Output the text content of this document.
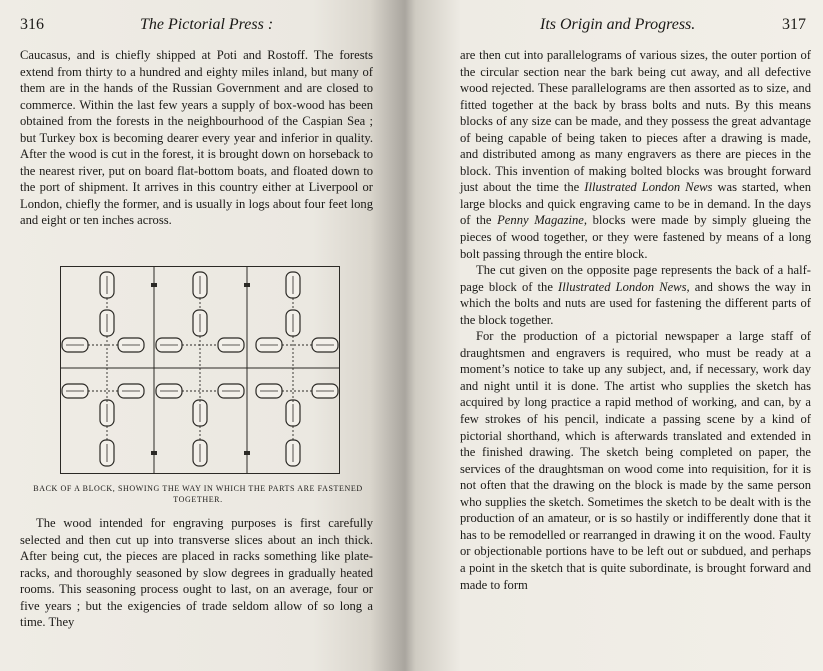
316	The Pictorial Press :

Caucasus, and is chiefly shipped at Poti and Rostoff. The forests extend from thirty to a hundred and eighty miles inland, but many of them are in the hands of the Russian Government and are closed to commerce. Within the last few years a supply of box-wood has been obtained from the forests in the neighbourhood of the Caspian Sea ; but Turkey box is becoming dearer every year and inferior in quality. After the wood is cut in the forest, it is brought down on horseback to the nearest river, put on board flat-bottom boats, and floated down to the port of shipment. It arrives in this country either at Liverpool or London, chiefly the former, and is usually in logs about four feet long and eight or ten inches across.

BACK OF A BLOCK, SHOWING THE WAY IN WHICH THE PARTS ARE FASTENED TOGETHER.

The wood intended for engraving purposes is first carefully selected and then cut up into transverse slices about an inch thick. After being cut, the pieces are placed in racks something like plate-racks, and thoroughly seasoned by slow degrees in gradually heated rooms. This seasoning process ought to last, on an average, four or five years ; but the exigencies of trade seldom allow of so long a time. They

Its Origin and Progress.	317

are then cut into parallelograms of various sizes, the outer portion of the circular section near the bark being cut away, and all defective wood rejected. These parallelograms are then assorted as to size, and fitted together at the back by brass bolts and nuts. By this means blocks of any size can be made, and they possess the great advantage of being capable of being taken to pieces after a drawing is made, and distributed among as many engravers as there are pieces in the block. This invention of making bolted blocks was brought forward just about the time the Illustrated London News was started, when large blocks and quick engraving came to be in demand. In the days of the Penny Magazine, blocks were made by simply glueing the pieces of wood together, or they were fastened by means of a long bolt passing through the entire block.

The cut given on the opposite page represents the back of a half-page block of the Illustrated London News, and shows the way in which the bolts and nuts are used for fastening the different parts of the block together.

For the production of a pictorial newspaper a large staff of draughtsmen and engravers is required, who must be ready at a moment’s notice to take up any subject, and, if necessary, work day and night until it is done. The artist who supplies the sketch has acquired by long practice a rapid method of working, and can, by a few strokes of his pencil, indicate a passing scene by a kind of pictorial shorthand, which is afterwards translated and extended in the finished drawing. The sketch being completed on paper, the services of the draughtsman on wood come into requisition, for it is not often that the drawing on the block is made by the same person who supplies the sketch. Sometimes the sketch to be dealt with is the production of an amateur, or is so hastily or indifferently done that it has to be remodelled or rearranged in drawing it on the wood. Faulty or objectionable portions have to be left out or subdued, and perhaps a point in the sketch that is quite subordinate, is brought forward and made to form
